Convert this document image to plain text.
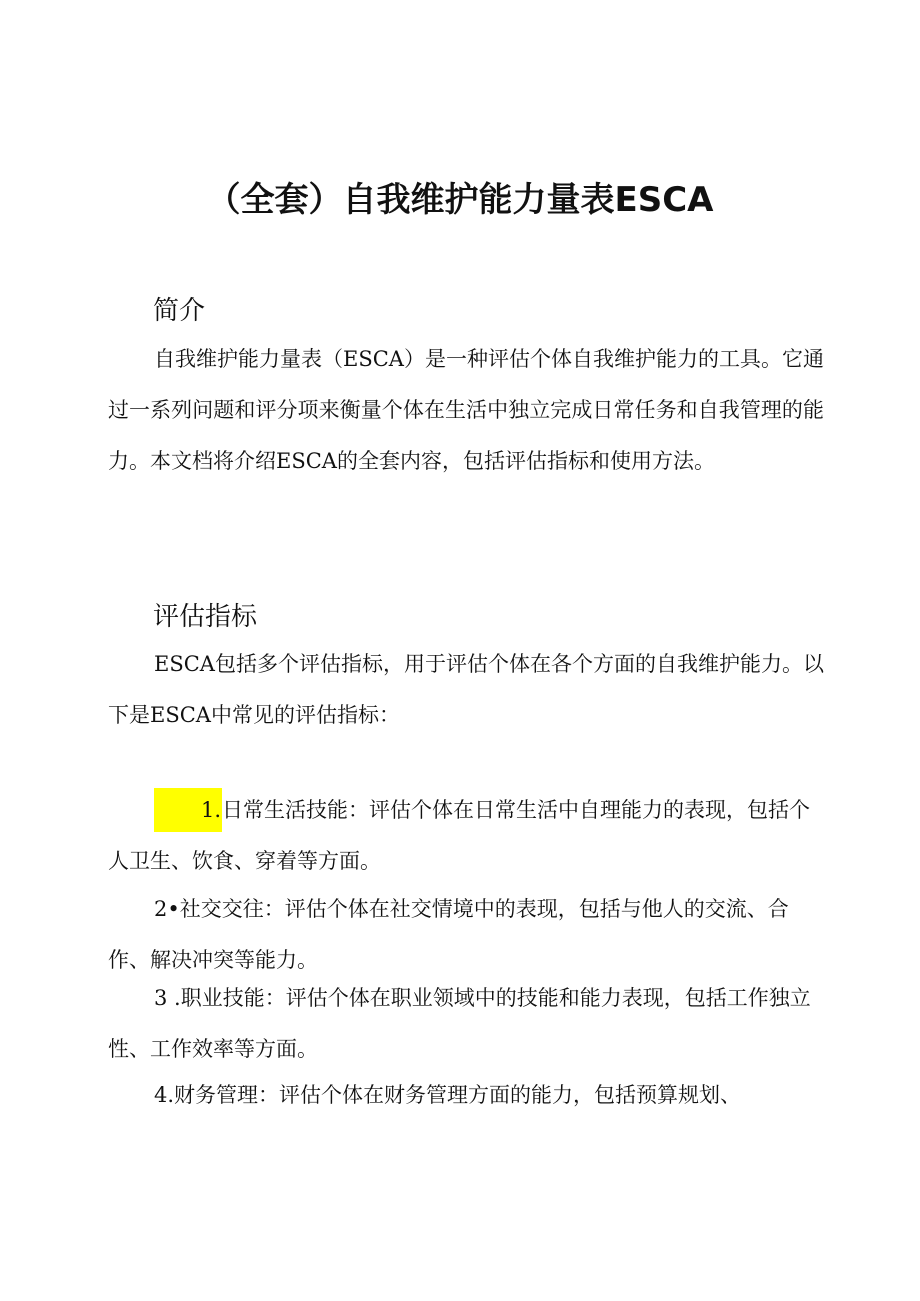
（全套）自我维护能力量表ESCA
简介

自我维护能力量表（ESCA）是一种评估个体自我维护能力的工具。它通过一系列问题和评分项来衡量个体在生活中独立完成日常任务和自我管理的能力。本文档将介绍ESCA的全套内容，包括评估指标和使用方法。

评估指标

ESCA包括多个评估指标，用于评估个体在各个方面的自我维护能力。以下是ESCA中常见的评估指标：

1.日常生活技能：评估个体在日常生活中自理能力的表现，包括个人卫生、饮食、穿着等方面。

2•社交交往：评估个体在社交情境中的表现，包括与他人的交流、合作、解决冲突等能力。

3 .职业技能：评估个体在职业领域中的技能和能力表现，包括工作独立性、工作效率等方面。

4.财务管理：评估个体在财务管理方面的能力，包括预算规划、
